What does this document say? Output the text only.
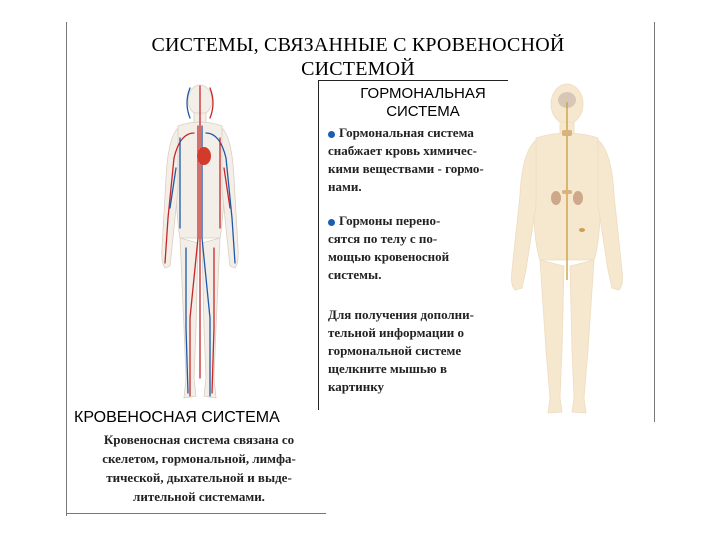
СИСТЕМЫ, СВЯЗАННЫЕ С КРОВЕНОСНОЙ
СИСТЕМОЙ
ГОРМОНАЛЬНАЯ
СИСТЕМА
Гормональная система
снабжает кровь химичес-
кими веществами - гормо-
нами.
Гормоны перено-
сятся по телу с по-
мощью кровеносной
системы.
Для получения дополни-
тельной информации о
гормональной системе
щелкните мышью в
картинку
КРОВЕНОСНАЯ СИСТЕМА
Кровеносная система связана со
скелетом, гормональной, лимфа-
тической, дыхательной и выде-
лительной системами.
